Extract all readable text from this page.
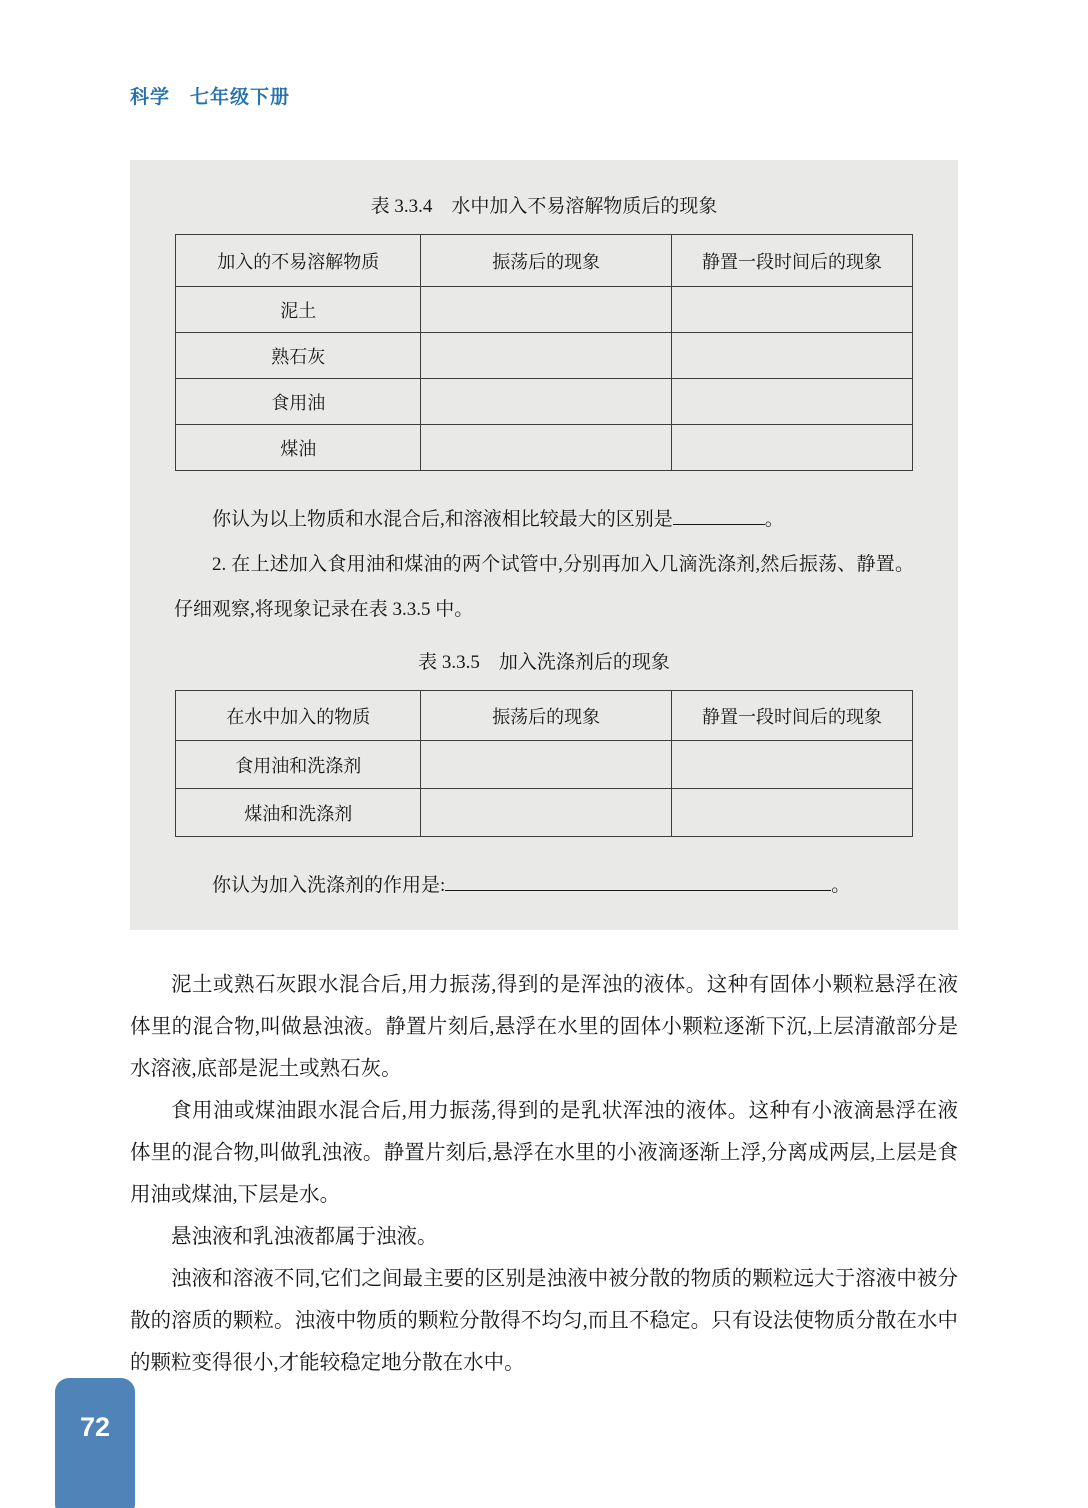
科学　七年级下册
表 3.3.4　水中加入不易溶解物质后的现象
加入的不易溶解物质	振荡后的现象	静置一段时间后的现象
泥土		
熟石灰		
食用油		
煤油		
你认为以上物质和水混合后,和溶液相比较最大的区别是	。
2. 在上述加入食用油和煤油的两个试管中,分别再加入几滴洗涤剂,然后振荡、静置。仔细观察,将现象记录在表 3.3.5 中。
表 3.3.5　加入洗涤剂后的现象
在水中加入的物质	振荡后的现象	静置一段时间后的现象
食用油和洗涤剂		
煤油和洗涤剂		
你认为加入洗涤剂的作用是:	。

泥土或熟石灰跟水混合后,用力振荡,得到的是浑浊的液体。这种有固体小颗粒悬浮在液体里的混合物,叫做悬浊液。静置片刻后,悬浮在水里的固体小颗粒逐渐下沉,上层清澈部分是水溶液,底部是泥土或熟石灰。

食用油或煤油跟水混合后,用力振荡,得到的是乳状浑浊的液体。这种有小液滴悬浮在液体里的混合物,叫做乳浊液。静置片刻后,悬浮在水里的小液滴逐渐上浮,分离成两层,上层是食用油或煤油,下层是水。

悬浊液和乳浊液都属于浊液。

浊液和溶液不同,它们之间最主要的区别是浊液中被分散的物质的颗粒远大于溶液中被分散的溶质的颗粒。浊液中物质的颗粒分散得不均匀,而且不稳定。只有设法使物质分散在水中的颗粒变得很小,才能较稳定地分散在水中。

72
